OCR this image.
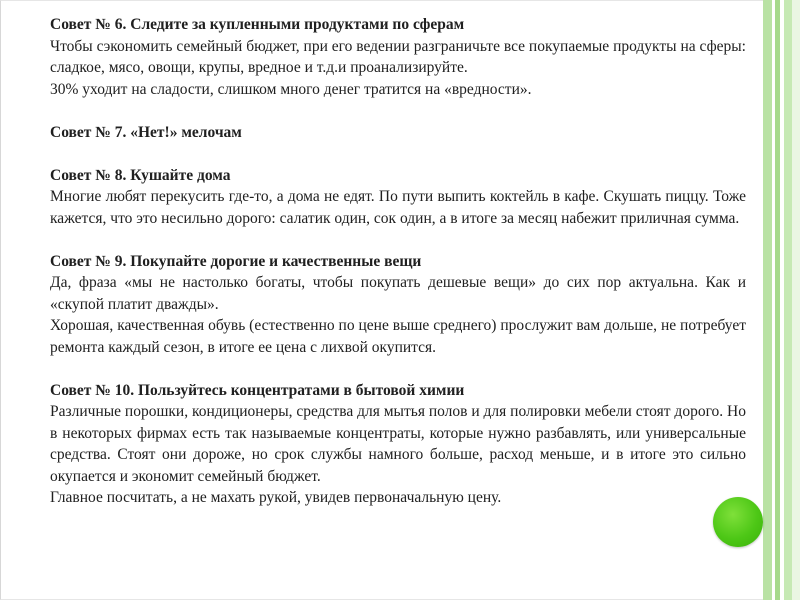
Совет № 6. Следите за купленными продуктами по сферам

Чтобы сэкономить семейный бюджет, при его ведении разграничьте все покупаемые продукты на сферы: сладкое, мясо, овощи, крупы, вредное и т.д.и проанализируйте.

30% уходит на сладости, слишком много денег тратится на «вредности».

Совет № 7. «Нет!» мелочам
Совет № 8. Кушайте дома

Многие любят перекусить где-то, а дома не едят. По пути выпить коктейль в кафе. Скушать пиццу. Тоже кажется, что это несильно дорого: салатик один, сок один, а в итоге за месяц набежит приличная сумма.

Совет № 9. Покупайте дорогие и качественные вещи

Да, фраза «мы не настолько богаты, чтобы покупать дешевые вещи» до сих пор актуальна. Как и «скупой платит дважды».

Хорошая, качественная обувь (естественно по цене выше среднего) прослужит вам дольше, не потребует ремонта каждый сезон, в итоге ее цена с лихвой окупится.

Совет № 10. Пользуйтесь концентратами в бытовой химии

Различные порошки, кондиционеры, средства для мытья полов и для полировки мебели стоят дорого. Но в некоторых фирмах есть так называемые концентраты, которые нужно разбавлять, или универсальные средства. Стоят они дороже, но срок службы намного больше, расход меньше, и в итоге это сильно окупается и экономит семейный бюджет.

Главное посчитать, а не махать рукой, увидев первоначальную цену.
